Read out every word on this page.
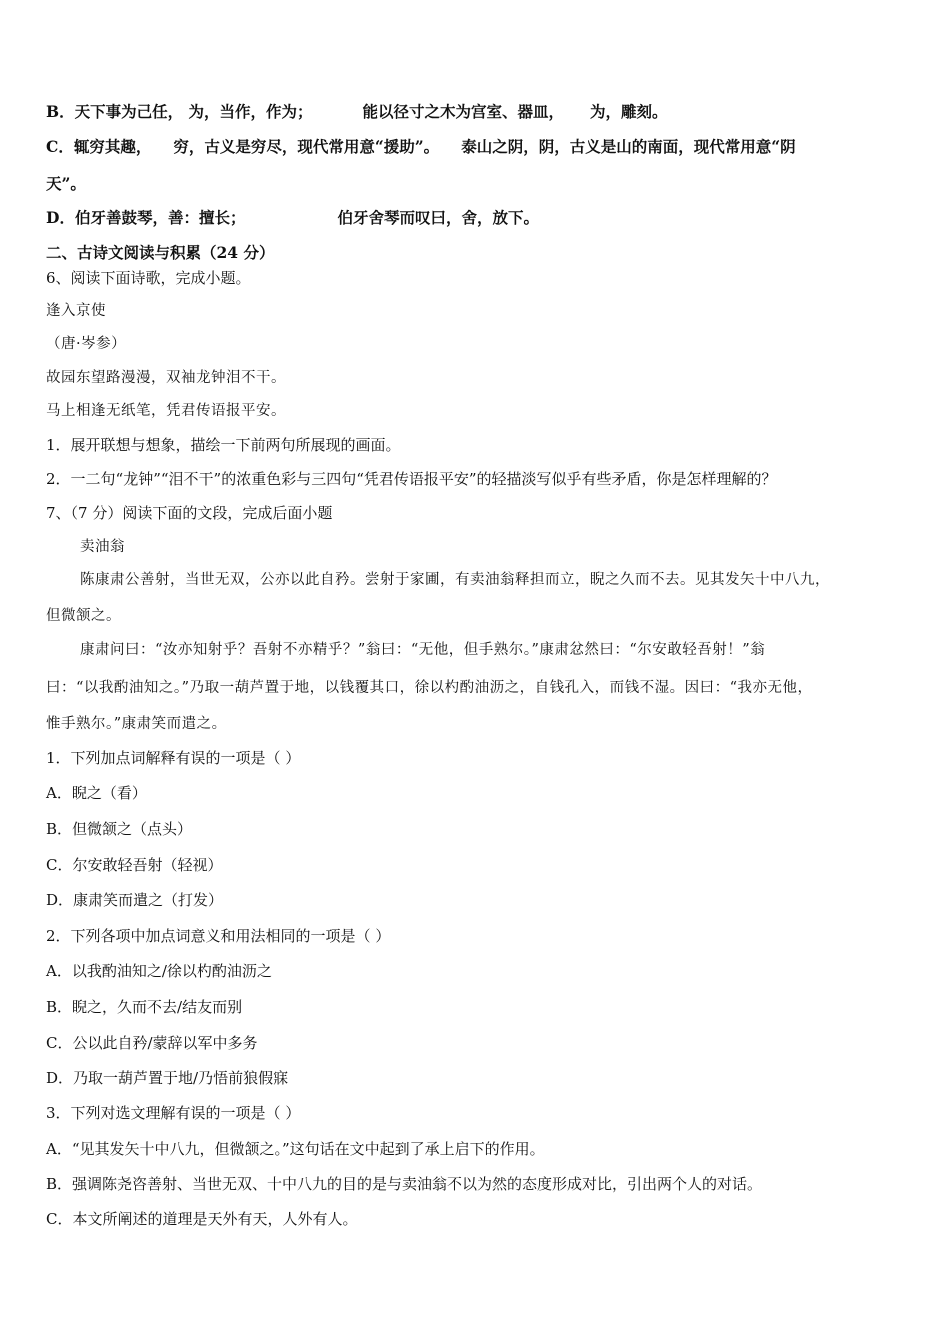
B．天下事为己任， 为，当作，作为；	能以径寸之木为宫室、器皿， 为，雕刻。
C．辄穷其趣， 穷，古义是穷尽，现代常用意“援助”。 泰山之阴，阴，古义是山的南面，现代常用意“阴
天”。
D．伯牙善鼓琴，善：擅长；	伯牙舍琴而叹曰，舍，放下。
二、古诗文阅读与积累（24 分）
6、阅读下面诗歌，完成小题。
逢入京使
（唐·岑参）
故园东望路漫漫，双袖龙钟泪不干。
马上相逢无纸笔，凭君传语报平安。
1．展开联想与想象，描绘一下前两句所展现的画面。
2．一二句“龙钟”“泪不干”的浓重色彩与三四句“凭君传语报平安”的轻描淡写似乎有些矛盾，你是怎样理解的？
7、（7 分）阅读下面的文段，完成后面小题
卖油翁
陈康肃公善射，当世无双，公亦以此自矜。尝射于家圃，有卖油翁释担而立，睨之久而不去。见其发矢十中八九，
但微颔之。
康肃问曰：“汝亦知射乎？吾射不亦精乎？”翁曰：“无他，但手熟尔。”康肃忿然曰：“尔安敢轻吾射！”翁
曰：“以我酌油知之。”乃取一葫芦置于地，以钱覆其口，徐以杓酌油沥之，自钱孔入，而钱不湿。因曰：“我亦无他，
惟手熟尔。”康肃笑而遣之。
1．下列加点词解释有误的一项是（ ）
A．睨之（看）
B．但微颔之（点头）
C．尔安敢轻吾射（轻视）
D．康肃笑而遣之（打发）
2．下列各项中加点词意义和用法相同的一项是（ ）
A．以我酌油知之/徐以杓酌油沥之
B．睨之，久而不去/结友而别
C．公以此自矜/蒙辞以军中多务
D．乃取一葫芦置于地/乃悟前狼假寐
3．下列对选文理解有误的一项是（ ）
A．“见其发矢十中八九，但微颔之。”这句话在文中起到了承上启下的作用。
B．强调陈尧咨善射、当世无双、十中八九的目的是与卖油翁不以为然的态度形成对比，引出两个人的对话。
C．本文所阐述的道理是天外有天，人外有人。
